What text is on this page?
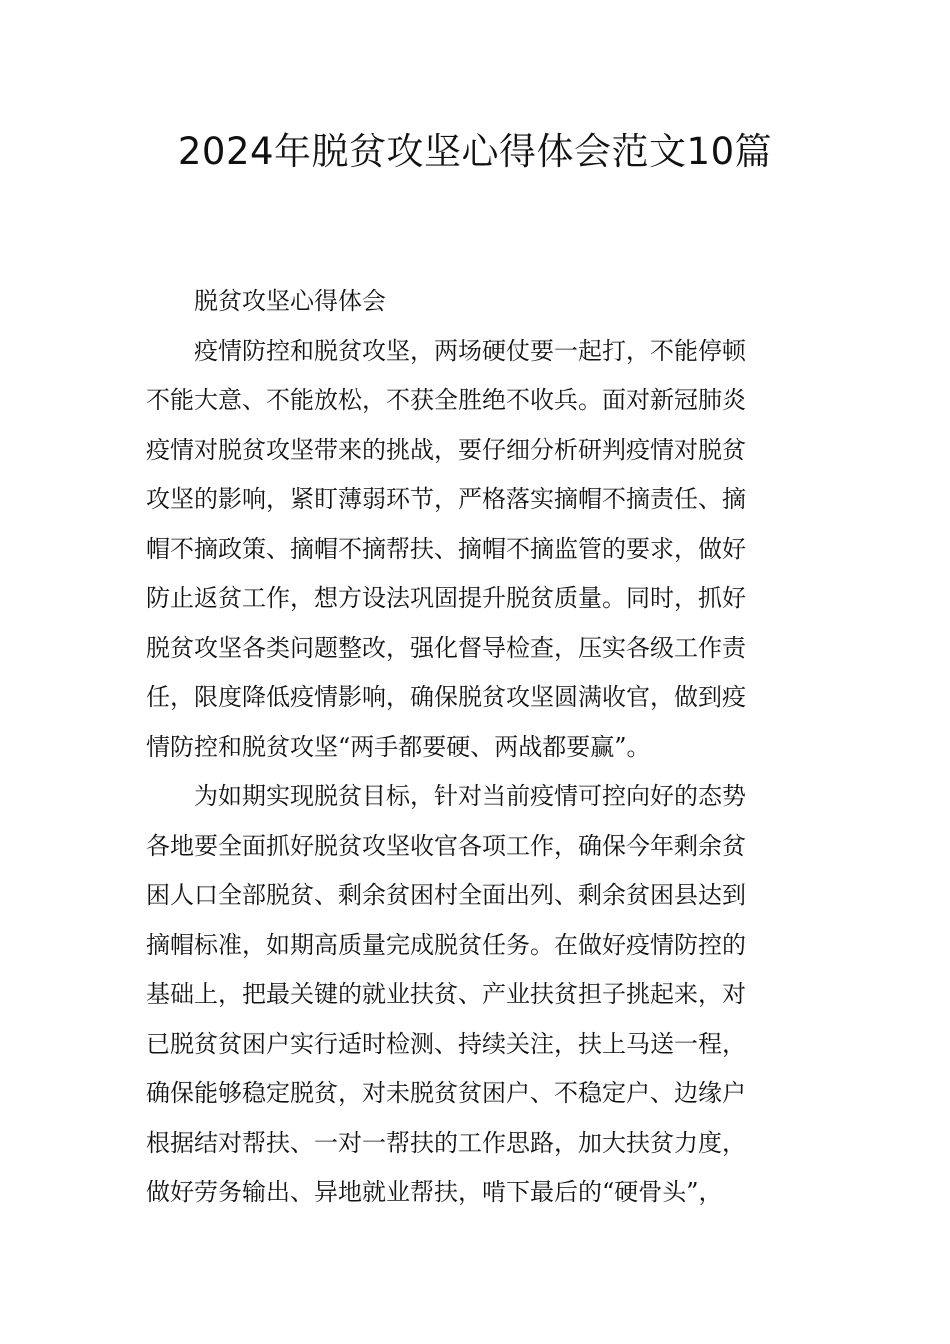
2024年脱贫攻坚心得体会范文10篇
脱贫攻坚心得体会
疫情防控和脱贫攻坚，两场硬仗要一起打，不能停顿
不能大意、不能放松，不获全胜绝不收兵。面对新冠肺炎
疫情对脱贫攻坚带来的挑战，要仔细分析研判疫情对脱贫
攻坚的影响，紧盯薄弱环节，严格落实摘帽不摘责任、摘
帽不摘政策、摘帽不摘帮扶、摘帽不摘监管的要求，做好
防止返贫工作，想方设法巩固提升脱贫质量。同时，抓好
脱贫攻坚各类问题整改，强化督导检查，压实各级工作责
任，限度降低疫情影响，确保脱贫攻坚圆满收官，做到疫
情防控和脱贫攻坚“两手都要硬、两战都要赢”。
为如期实现脱贫目标，针对当前疫情可控向好的态势
各地要全面抓好脱贫攻坚收官各项工作，确保今年剩余贫
困人口全部脱贫、剩余贫困村全面出列、剩余贫困县达到
摘帽标准，如期高质量完成脱贫任务。在做好疫情防控的
基础上，把最关键的就业扶贫、产业扶贫担子挑起来，对
已脱贫贫困户实行适时检测、持续关注，扶上马送一程，
确保能够稳定脱贫，对未脱贫贫困户、不稳定户、边缘户
根据结对帮扶、一对一帮扶的工作思路，加大扶贫力度，
做好劳务输出、异地就业帮扶，啃下最后的“硬骨头”，
